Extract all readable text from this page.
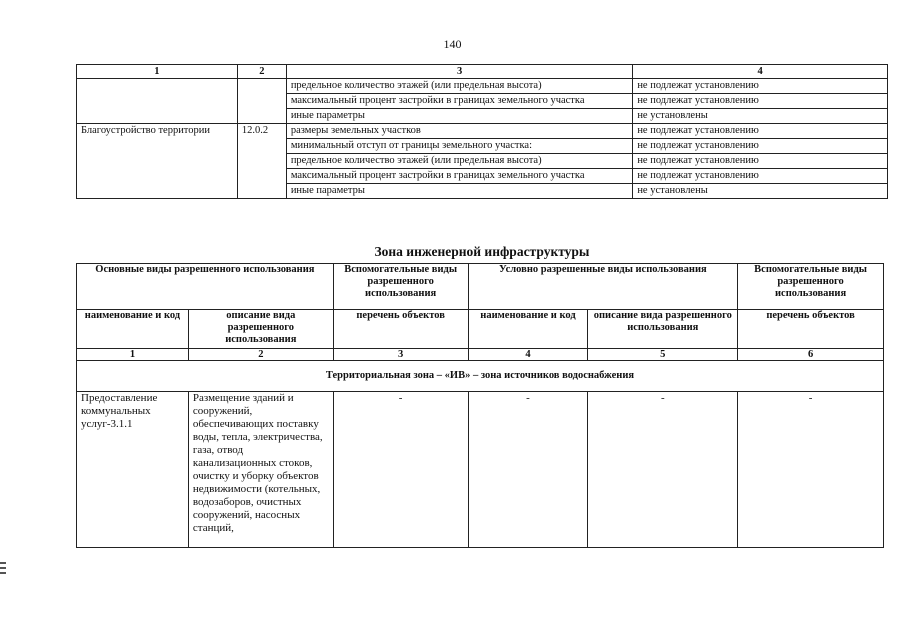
140
1	2	3	4
		предельное количество этажей (или предельная высота)	не подлежат установлению
		максимальный процент застройки в границах земельного участка	не подлежат установлению
		иные параметры	не установлены
Благоустройство территории	12.0.2	размеры земельных участков	не подлежат установлению
		минимальный отступ от границы земельного участка:	не подлежат установлению
		предельное количество этажей (или предельная высота)	не подлежат установлению
		максимальный процент застройки в границах земельного участка	не подлежат установлению
		иные параметры	не установлены
Зона инженерной инфраструктуры
Основные виды разрешенного использования		Вспомогательные виды разрешенного использования	Условно разрешенные виды использования		Вспомогательные виды разрешенного использования
наименование и код	описание вида разрешенного использования	перечень объектов	наименование и код	описание вида разрешенного использования	перечень объектов
1	2	3	4	5	6
Территориальная зона – «ИВ» – зона источников водоснабжения					
Предоставление коммунальных услуг-3.1.1	Размещение зданий и сооружений, обеспечивающих поставку воды, тепла, электричества, газа, отвод канализационных стоков, очистку и уборку объектов недвижимости (котельных, водозаборов, очистных сооружений, насосных станций,	-	-	-	-
